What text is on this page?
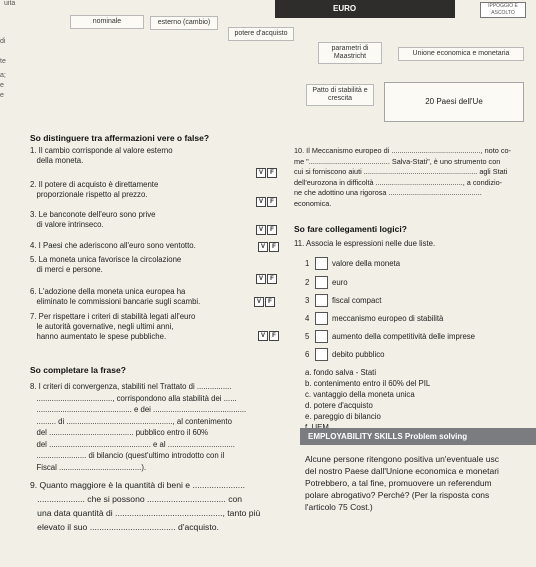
uita
EURO	IPPOGGIO E ASCOLTO
nominale	esterno (cambio)
potere d'acquisto
parametri di Maastricht	Unione economica e monetaria
Patto di stabilità e crescita	20 Paesi dell'Ue
di
te
a;
e
e
So distinguere tra affermazioni vere o false?
1. Il cambio corrisponde al valore esterno
della moneta.
V F
2. Il potere di acquisto è direttamente
proporzionale rispetto al prezzo.
V F
3. Le banconote dell'euro sono prive
di valore intrinseco.
V F
4. I Paesi che aderiscono all'euro sono ventotto.	V F
5. La moneta unica favorisce la circolazione
di merci e persone.
V F
6. L'adozione della moneta unica europea ha
eliminato le commissioni bancarie sugli scambi.	V F
7. Per rispettare i criteri di stabilità legati all'euro
le autorità governative, negli ultimi anni,
hanno aumentato le spese pubbliche.	V F
10. Il Meccanismo europeo di ............................................, noto co-
me "........................................ Salva-Stati", è uno strumento con
cui si forniscono aiuti ........................................................ agli Stati
dell'eurozona in difficoltà ..........................................., a condizio-
ne che adottino una rigorosa ..............................................
economica.
So fare collegamenti logici?
11. Associa le espressioni nelle due liste.
1	valore della moneta
2	euro
3	fiscal compact
4	meccanismo europeo di stabilità
5	aumento della competitività delle imprese
6	debito pubblico
a. fondo salva - Stati
b. contenimento entro il 60% del PIL
c. vantaggio della moneta unica
d. potere d'acquisto
e. pareggio di bilancio

So completare la frase?
8. I criteri di convergenza, stabiliti nel Trattato di ................
..................................., corrispondono alla stabilità dei ......
............................................ e dei ...........................................
......... di ................................................., al contenimento
del ....................................... pubblico entro il 60%
del ............................................... e al ...............................
....................... di bilancio (quest'ultimo introdotto con il
Fiscal ......................................).
9. Quanto maggiore è la quantità di beni e ......................
.................... che si possono ................................. con
una data quantità di ............................................., tanto più
elevato il suo .................................... d'acquisto.
EMPLOYABILITY SKILLS Problem solving
Alcune persone ritengono positiva un'eventuale usc
del nostro Paese dall'Unione economica e monetari
Potrebbero, a tal fine, promuovere un referendum
polare abrogativo? Perché? (Per la risposta cons
l'articolo 75 Cost.)
